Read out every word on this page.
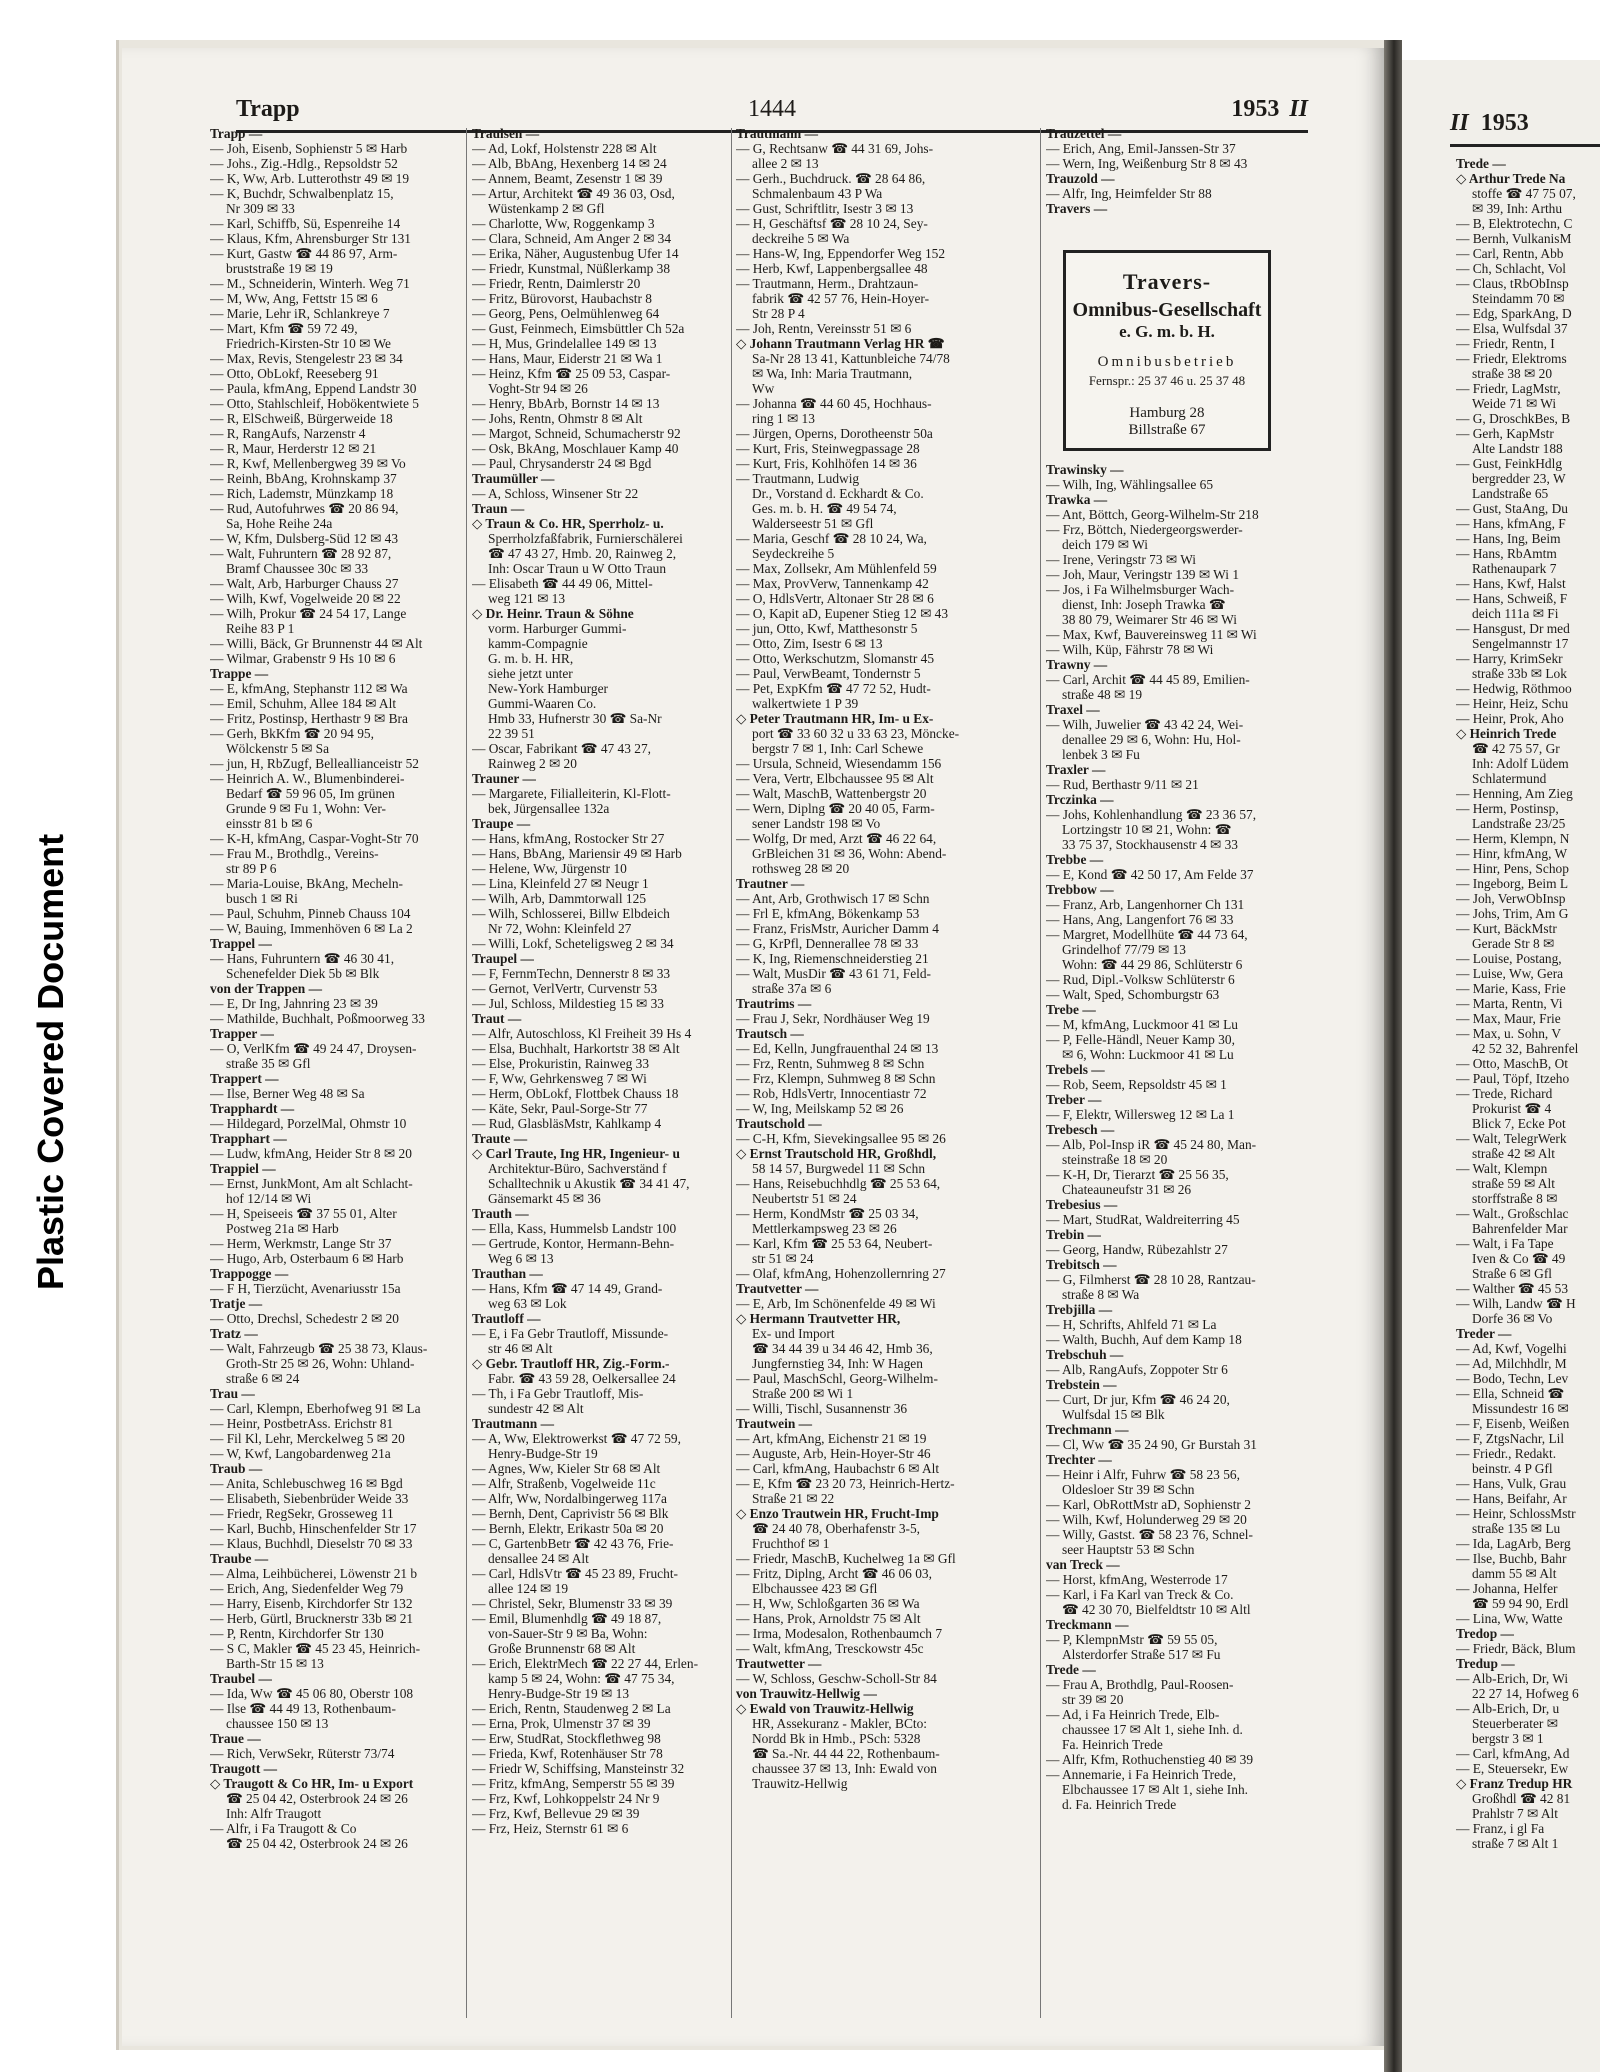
Plastic Covered Document
II 1953
Trede —
◇ Arthur Trede Na
stoffe ☎ 47 75 07,
✉ 39, Inh: Arthu
— B, Elektrotechn, C
— Bernh, VulkanisM
— Carl, Rentn, Abb
— Ch, Schlacht, Vol
— Claus, tRbObInsp
Steindamm 70 ✉
— Edg, SparkAng, D
— Elsa, Wulfsdal 37
— Friedr, Rentn, I
— Friedr, Elektroms
straße 38 ✉ 20
— Friedr, LagMstr,
Weide 71 ✉ Wi
— G, DroschkBes, B
— Gerh, KapMstr
Alte Landstr 188
— Gust, FeinkHdlg
bergredder 23, W
Landstraße 65
— Gust, StaAng, Du
— Hans, kfmAng, F
— Hans, Ing, Beim
— Hans, RbAmtm
Rathenaupark 7
— Hans, Kwf, Halst
— Hans, Schweiß, F
deich 111a ✉ Fi
— Hansgust, Dr med
Sengelmannstr 17
— Harry, KrimSekr
straße 33b ✉ Lok
— Hedwig, Röthmoo
— Heinr, Heiz, Schu
— Heinr, Prok, Aho
◇ Heinrich Trede
☎ 42 75 57, Gr
Inh: Adolf Lüdem
Schlatermund
— Henning, Am Zieg
— Herm, Postinsp,
Landstraße 23/25
— Herm, Klempn, N
— Hinr, kfmAng, W
— Hinr, Pens, Schop
— Ingeborg, Beim L
— Joh, VerwObInsp
— Johs, Trim, Am G
— Kurt, BäckMstr
Gerade Str 8 ✉
— Louise, Postang,
— Luise, Ww, Gera
— Marie, Kass, Frie
— Marta, Rentn, Vi
— Max, Maur, Frie
— Max, u. Sohn, V
42 52 32, Bahrenfel
— Otto, MaschB, Ot
— Paul, Töpf, Itzeho
— Trede, Richard
Prokurist ☎ 4
Blick 7, Ecke Pot
— Walt, TelegrWerk
straße 42 ✉ Alt
— Walt, Klempn
straße 59 ✉ Alt
storffstraße 8 ✉
— Walt., Großschlac
Bahrenfelder Mar
— Walt, i Fa Tape
Iven & Co ☎ 49
Straße 6 ✉ Gfl
— Walther ☎ 45 53
— Wilh, Landw ☎ H
Dorfe 36 ✉ Vo
Treder —
— Ad, Kwf, Vogelhi
— Ad, Milchhdlr, M
— Bodo, Techn, Lev
— Ella, Schneid ☎
Missundestr 16 ✉
— F, Eisenb, Weißen
— F, ZtgsNachr, Lil
— Friedr., Redakt.
beinstr. 4 P Gfl
— Hans, Vulk, Grau
— Hans, Beifahr, Ar
— Heinr, SchlossMstr
straße 135 ✉ Lu
— Ida, LagArb, Berg
— Ilse, Buchb, Bahr
damm 55 ✉ Alt
— Johanna, Helfer
☎ 59 94 90, Erdl
— Lina, Ww, Watte
Tredop —
— Friedr, Bäck, Blum
Tredup —
— Alb-Erich, Dr, Wi
22 27 14, Hofweg 6
— Alb-Erich, Dr, u
Steuerberater ✉
bergstr 3 ✉ 1
— Carl, kfmAng, Ad
— E, Steuersekr, Ew
◇ Franz Tredup HR
Großhdl ☎ 42 81
Prahlstr 7 ✉ Alt
— Franz, i gl Fa
straße 7 ✉ Alt 1
Trapp	1444	1953 II
Trapp —
— Joh, Eisenb, Sophienstr 5 ✉ Harb
— Johs., Zig.-Hdlg., Repsoldstr 52
— K, Ww, Arb. Lutterothstr 49 ✉ 19
— K, Buchdr, Schwalbenplatz 15,
Nr 309 ✉ 33
— Karl, Schiffb, Sü, Espenreihe 14
— Klaus, Kfm, Ahrensburger Str 131
— Kurt, Gastw ☎ 44 86 97, Arm-
bruststraße 19 ✉ 19
— M., Schneiderin, Winterh. Weg 71
— M, Ww, Ang, Fettstr 15 ✉ 6
— Marie, Lehr iR, Schlankreye 7
— Mart, Kfm ☎ 59 72 49,
Friedrich-Kirsten-Str 10 ✉ We
— Max, Revis, Stengelestr 23 ✉ 34
— Otto, ObLokf, Reeseberg 91
— Paula, kfmAng, Eppend Landstr 30
— Otto, Stahlschleif, Hobökentwiete 5
— R, ElSchweiß, Bürgerweide 18
— R, RangAufs, Narzenstr 4
— R, Maur, Herderstr 12 ✉ 21
— R, Kwf, Mellenbergweg 39 ✉ Vo
— Reinh, BbAng, Krohnskamp 37
— Rich, Lademstr, Münzkamp 18
— Rud, Autofuhrwes ☎ 20 86 94,
Sa, Hohe Reihe 24a
— W, Kfm, Dulsberg-Süd 12 ✉ 43
— Walt, Fuhruntern ☎ 28 92 87,
Bramf Chaussee 30c ✉ 33
— Walt, Arb, Harburger Chauss 27
— Wilh, Kwf, Vogelweide 20 ✉ 22
— Wilh, Prokur ☎ 24 54 17, Lange
Reihe 83 P 1
— Willi, Bäck, Gr Brunnenstr 44 ✉ Alt
— Wilmar, Grabenstr 9 Hs 10 ✉ 6
Trappe —
— E, kfmAng, Stephanstr 112 ✉ Wa
— Emil, Schuhm, Allee 184 ✉ Alt
— Fritz, Postinsp, Herthastr 9 ✉ Bra
— Gerh, BkKfm ☎ 20 94 95,
Wölckenstr 5 ✉ Sa
— jun, H, RbZugf, Belleallianceistr 52
— Heinrich A. W., Blumenbinderei-
Bedarf ☎ 59 96 05, Im grünen
Grunde 9 ✉ Fu 1, Wohn: Ver-
einsstr 81 b ✉ 6
— K-H, kfmAng, Caspar-Voght-Str 70
— Frau M., Brothdlg., Vereins-
str 89 P 6
— Maria-Louise, BkAng, Mecheln-
busch 1 ✉ Ri
— Paul, Schuhm, Pinneb Chauss 104
— W, Bauing, Immenhöven 6 ✉ La 2
Trappel —
— Hans, Fuhruntern ☎ 46 30 41,
Schenefelder Diek 5b ✉ Blk
von der Trappen —
— E, Dr Ing, Jahnring 23 ✉ 39
— Mathilde, Buchhalt, Poßmoorweg 33
Trapper —
— O, VerlKfm ☎ 49 24 47, Droysen-
straße 35 ✉ Gfl
Trappert —
— Ilse, Berner Weg 48 ✉ Sa
Trapphardt —
— Hildegard, PorzelMal, Ohmstr 10
Trapphart —
— Ludw, kfmAng, Heider Str 8 ✉ 20
Trappiel —
— Ernst, JunkMont, Am alt Schlacht-
hof 12/14 ✉ Wi
— H, Speiseeis ☎ 37 55 01, Alter
Postweg 21a ✉ Harb
— Herm, Werkmstr, Lange Str 37
— Hugo, Arb, Osterbaum 6 ✉ Harb
Trappogge —
— F H, Tierzücht, Avenariusstr 15a
Tratje —
— Otto, Drechsl, Schedestr 2 ✉ 20
Tratz —
— Walt, Fahrzeugb ☎ 25 38 73, Klaus-
Groth-Str 25 ✉ 26, Wohn: Uhland-
straße 6 ✉ 24
Trau —
— Carl, Klempn, Eberhofweg 91 ✉ La
— Heinr, PostbetrAss. Erichstr 81
— Fil Kl, Lehr, Merckelweg 5 ✉ 20
— W, Kwf, Langobardenweg 21a
Traub —
— Anita, Schlebuschweg 16 ✉ Bgd
— Elisabeth, Siebenbrüder Weide 33
— Friedr, RegSekr, Grosseweg 11
— Karl, Buchb, Hinschenfelder Str 17
— Klaus, Buchhdl, Dieselstr 70 ✉ 33
Traube —
— Alma, Leihbücherei, Löwenstr 21 b
— Erich, Ang, Siedenfelder Weg 79
— Harry, Eisenb, Kirchdorfer Str 132
— Herb, Gürtl, Brucknerstr 33b ✉ 21
— P, Rentn, Kirchdorfer Str 130
— S C, Makler ☎ 45 23 45, Heinrich-
Barth-Str 15 ✉ 13
Traubel —
— Ida, Ww ☎ 45 06 80, Oberstr 108
— Ilse ☎ 44 49 13, Rothenbaum-
chaussee 150 ✉ 13
Traue —
— Rich, VerwSekr, Rüterstr 73/74
Traugott —
◇ Traugott & Co HR, Im- u Export
☎ 25 04 42, Osterbrook 24 ✉ 26
Inh: Alfr Traugott
— Alfr, i Fa Traugott & Co
☎ 25 04 42, Osterbrook 24 ✉ 26
Traulsen —
— Ad, Lokf, Holstenstr 228 ✉ Alt
— Alb, BbAng, Hexenberg 14 ✉ 24
— Annem, Beamt, Zesenstr 1 ✉ 39
— Artur, Architekt ☎ 49 36 03, Osd,
Wüstenkamp 2 ✉ Gfl
— Charlotte, Ww, Roggenkamp 3
— Clara, Schneid, Am Anger 2 ✉ 34
— Erika, Näher, Augustenbug Ufer 14
— Friedr, Kunstmal, Nüßlerkamp 38
— Friedr, Rentn, Daimlerstr 20
— Fritz, Bürovorst, Haubachstr 8
— Georg, Pens, Oelmühlenweg 64
— Gust, Feinmech, Eimsbüttler Ch 52a
— H, Mus, Grindelallee 149 ✉ 13
— Hans, Maur, Eiderstr 21 ✉ Wa 1
— Heinz, Kfm ☎ 25 09 53, Caspar-
Voght-Str 94 ✉ 26
— Henry, BbArb, Bornstr 14 ✉ 13
— Johs, Rentn, Ohmstr 8 ✉ Alt
— Margot, Schneid, Schumacherstr 92
— Osk, BkAng, Moschlauer Kamp 40
— Paul, Chrysanderstr 24 ✉ Bgd
Traumüller —
— A, Schloss, Winsener Str 22
Traun —
◇ Traun & Co. HR, Sperrholz- u.
Sperrholzfaßfabrik, Furnierschälerei
☎ 47 43 27, Hmb. 20, Rainweg 2,
Inh: Oscar Traun u W Otto Traun
— Elisabeth ☎ 44 49 06, Mittel-
weg 121 ✉ 13
◇ Dr. Heinr. Traun & Söhne
vorm. Harburger Gummi-
kamm-Compagnie
G. m. b. H. HR,
siehe jetzt unter
New-York Hamburger
Gummi-Waaren Co.
Hmb 33, Hufnerstr 30 ☎ Sa-Nr
22 39 51
— Oscar, Fabrikant ☎ 47 43 27,
Rainweg 2 ✉ 20
Trauner —
— Margarete, Filialleiterin, Kl-Flott-
bek, Jürgensallee 132a
Traupe —
— Hans, kfmAng, Rostocker Str 27
— Hans, BbAng, Mariensir 49 ✉ Harb
— Helene, Ww, Jürgenstr 10
— Lina, Kleinfeld 27 ✉ Neugr 1
— Wilh, Arb, Dammtorwall 125
— Wilh, Schlosserei, Billw Elbdeich
Nr 72, Wohn: Kleinfeld 27
— Willi, Lokf, Scheteligsweg 2 ✉ 34
Traupel —
— F, FernmTechn, Dennerstr 8 ✉ 33
— Gernot, VerlVertr, Curvenstr 53
— Jul, Schloss, Mildestieg 15 ✉ 33
Traut —
— Alfr, Autoschloss, Kl Freiheit 39 Hs 4
— Elsa, Buchhalt, Harkortstr 38 ✉ Alt
— Else, Prokuristin, Rainweg 33
— F, Ww, Gehrkensweg 7 ✉ Wi
— Herm, ObLokf, Flottbek Chauss 18
— Käte, Sekr, Paul-Sorge-Str 77
— Rud, GlasbläsMstr, Kahlkamp 4
Traute —
◇ Carl Traute, Ing HR, Ingenieur- u
Architektur-Büro, Sachverständ f
Schalltechnik u Akustik ☎ 34 41 47,
Gänsemarkt 45 ✉ 36
Trauth —
— Ella, Kass, Hummelsb Landstr 100
— Gertrude, Kontor, Hermann-Behn-
Weg 6 ✉ 13
Trauthan —
— Hans, Kfm ☎ 47 14 49, Grand-
weg 63 ✉ Lok
Trautloff —
— E, i Fa Gebr Trautloff, Missunde-
str 46 ✉ Alt
◇ Gebr. Trautloff HR, Zig.-Form.-
Fabr. ☎ 43 59 28, Oelkersallee 24
— Th, i Fa Gebr Trautloff, Mis-
sundestr 42 ✉ Alt
Trautmann —
— A, Ww, Elektrowerkst ☎ 47 72 59,
Henry-Budge-Str 19
— Agnes, Ww, Kieler Str 68 ✉ Alt
— Alfr, Straßenb, Vogelweide 11c
— Alfr, Ww, Nordalbingerweg 117a
— Bernh, Dent, Caprivistr 56 ✉ Blk
— Bernh, Elektr, Erikastr 50a ✉ 20
— C, GartenbBetr ☎ 42 43 76, Frie-
densallee 24 ✉ Alt
— Carl, HdlsVtr ☎ 45 23 89, Frucht-
allee 124 ✉ 19
— Christel, Sekr, Blumenstr 33 ✉ 39
— Emil, Blumenhdlg ☎ 49 18 87,
von-Sauer-Str 9 ✉ Ba, Wohn:
Große Brunnenstr 68 ✉ Alt
— Erich, ElektrMech ☎ 22 27 44, Erlen-
kamp 5 ✉ 24, Wohn: ☎ 47 75 34,
Henry-Budge-Str 19 ✉ 13
— Erich, Rentn, Staudenweg 2 ✉ La
— Erna, Prok, Ulmenstr 37 ✉ 39
— Erw, StudRat, Stockflethweg 98
— Frieda, Kwf, Rotenhäuser Str 78
— Friedr W, Schiffsing, Mansteinstr 32
— Fritz, kfmAng, Semperstr 55 ✉ 39
— Frz, Kwf, Lohkoppelstr 24 Nr 9
— Frz, Kwf, Bellevue 29 ✉ 39
— Frz, Heiz, Sternstr 61 ✉ 6
Trautmann —
— G, Rechtsanw ☎ 44 31 69, Johs-
allee 2 ✉ 13
— Gerh., Buchdruck. ☎ 28 64 86,
Schmalenbaum 43 P Wa
— Gust, Schriftlitr, Isestr 3 ✉ 13
— H, Geschäftsf ☎ 28 10 24, Sey-
deckreihe 5 ✉ Wa
— Hans-W, Ing, Eppendorfer Weg 152
— Herb, Kwf, Lappenbergsallee 48
— Trautmann, Herm., Drahtzaun-
fabrik ☎ 42 57 76, Hein-Hoyer-
Str 28 P 4
— Joh, Rentn, Vereinsstr 51 ✉ 6
◇ Johann Trautmann Verlag HR ☎
Sa-Nr 28 13 41, Kattunbleiche 74/78
✉ Wa, Inh: Maria Trautmann,
Ww
— Johanna ☎ 44 60 45, Hochhaus-
ring 1 ✉ 13
— Jürgen, Operns, Dorotheenstr 50a
— Kurt, Fris, Steinwegpassage 28
— Kurt, Fris, Kohlhöfen 14 ✉ 36
— Trautmann, Ludwig
Dr., Vorstand d. Eckhardt & Co.
Ges. m. b. H. ☎ 49 54 74,
Walderseestr 51 ✉ Gfl
— Maria, Geschf ☎ 28 10 24, Wa,
Seydeckreihe 5
— Max, Zollsekr, Am Mühlenfeld 59
— Max, ProvVerw, Tannenkamp 42
— O, HdlsVertr, Altonaer Str 28 ✉ 6
— O, Kapit aD, Eupener Stieg 12 ✉ 43
— jun, Otto, Kwf, Matthesonstr 5
— Otto, Zim, Isestr 6 ✉ 13
— Otto, Werkschutzm, Slomanstr 45
— Paul, VerwBeamt, Tondernstr 5
— Pet, ExpKfm ☎ 47 72 52, Hudt-
walkertwiete 1 P 39
◇ Peter Trautmann HR, Im- u Ex-
port ☎ 33 60 32 u 33 63 23, Möncke-
bergstr 7 ✉ 1, Inh: Carl Schewe
— Ursula, Schneid, Wiesendamm 156
— Vera, Vertr, Elbchaussee 95 ✉ Alt
— Walt, MaschB, Wattenbergstr 20
— Wern, Diplng ☎ 20 40 05, Farm-
sener Landstr 198 ✉ Vo
— Wolfg, Dr med, Arzt ☎ 46 22 64,
GrBleichen 31 ✉ 36, Wohn: Abend-
rothsweg 28 ✉ 20
Trautner —
— Ant, Arb, Grothwisch 17 ✉ Schn
— Frl E, kfmAng, Bökenkamp 53
— Franz, FrisMstr, Auricher Damm 4
— G, KrPfl, Dennerallee 78 ✉ 33
— K, Ing, Riemenschneiderstieg 21
— Walt, MusDir ☎ 43 61 71, Feld-
straße 37a ✉ 6
Trautrims —
— Frau J, Sekr, Nordhäuser Weg 19
Trautsch —
— Ed, Kelln, Jungfrauenthal 24 ✉ 13
— Frz, Rentn, Suhmweg 8 ✉ Schn
— Frz, Klempn, Suhmweg 8 ✉ Schn
— Rob, HdlsVertr, Innocentiastr 72
— W, Ing, Meilskamp 52 ✉ 26
Trautschold —
— C-H, Kfm, Sievekingsallee 95 ✉ 26
◇ Ernst Trautschold HR, Großhdl,
58 14 57, Burgwedel 11 ✉ Schn
— Hans, Reisebuchhdlg ☎ 25 53 64,
Neubertstr 51 ✉ 24
— Herm, KondMstr ☎ 25 03 34,
Mettlerkampsweg 23 ✉ 26
— Karl, Kfm ☎ 25 53 64, Neubert-
str 51 ✉ 24
— Olaf, kfmAng, Hohenzollernring 27
Trautvetter —
— E, Arb, Im Schönenfelde 49 ✉ Wi
◇ Hermann Trautvetter HR,
Ex- und Import
☎ 34 44 39 u 34 46 42, Hmb 36,
Jungfernstieg 34, Inh: W Hagen
— Paul, MaschSchl, Georg-Wilhelm-
Straße 200 ✉ Wi 1
— Willi, Tischl, Susannenstr 36
Trautwein —
— Art, kfmAng, Eichenstr 21 ✉ 19
— Auguste, Arb, Hein-Hoyer-Str 46
— Carl, kfmAng, Haubachstr 6 ✉ Alt
— E, Kfm ☎ 23 20 73, Heinrich-Hertz-
Straße 21 ✉ 22
◇ Enzo Trautwein HR, Frucht-Imp
☎ 24 40 78, Oberhafenstr 3-5,
Fruchthof ✉ 1
— Friedr, MaschB, Kuchelweg 1a ✉ Gfl
— Fritz, Diplng, Archt ☎ 46 06 03,
Elbchaussee 423 ✉ Gfl
— H, Ww, Schloßgarten 36 ✉ Wa
— Hans, Prok, Arnoldstr 75 ✉ Alt
— Irma, Modesalon, Rothenbaumch 7
— Walt, kfmAng, Tresckowstr 45c
Trautwetter —
— W, Schloss, Geschw-Scholl-Str 84
von Trauwitz-Hellwig —
◇ Ewald von Trauwitz-Hellwig
HR, Assekuranz - Makler, BCto:
Nordd Bk in Hmb., PSch: 5328
☎ Sa.-Nr. 44 44 22, Rothenbaum-
chaussee 37 ✉ 13, Inh: Ewald von
Trauwitz-Hellwig
Trauzettel —
— Erich, Ang, Emil-Janssen-Str 37
— Wern, Ing, Weißenburg Str 8 ✉ 43
Trauzold —
— Alfr, Ing, Heimfelder Str 88
Travers —
Trawinsky —
— Wilh, Ing, Wählingsallee 65
Trawka —
— Ant, Böttch, Georg-Wilhelm-Str 218
— Frz, Böttch, Niedergeorgswerder-
deich 179 ✉ Wi
— Irene, Veringstr 73 ✉ Wi
— Joh, Maur, Veringstr 139 ✉ Wi 1
— Jos, i Fa Wilhelmsburger Wach-
dienst, Inh: Joseph Trawka ☎
38 80 79, Weimarer Str 46 ✉ Wi
— Max, Kwf, Bauvereinsweg 11 ✉ Wi
— Wilh, Küp, Fährstr 78 ✉ Wi
Trawny —
— Carl, Archit ☎ 44 45 89, Emilien-
straße 48 ✉ 19
Traxel —
— Wilh, Juwelier ☎ 43 42 24, Wei-
denallee 29 ✉ 6, Wohn: Hu, Hol-
lenbek 3 ✉ Fu
Traxler —
— Rud, Berthastr 9/11 ✉ 21
Trczinka —
— Johs, Kohlenhandlung ☎ 23 36 57,
Lortzingstr 10 ✉ 21, Wohn: ☎
33 75 37, Stockhausenstr 4 ✉ 33
Trebbe —
— E, Kond ☎ 42 50 17, Am Felde 37
Trebbow —
— Franz, Arb, Langenhorner Ch 131
— Hans, Ang, Langenfort 76 ✉ 33
— Margret, Modellhüte ☎ 44 73 64,
Grindelhof 77/79 ✉ 13
Wohn: ☎ 44 29 86, Schlüterstr 6
— Rud, Dipl.-Volksw Schlüterstr 6
— Walt, Sped, Schomburgstr 63
Trebe —
— M, kfmAng, Luckmoor 41 ✉ Lu
— P, Felle-Händl, Neuer Kamp 30,
✉ 6, Wohn: Luckmoor 41 ✉ Lu
Trebels —
— Rob, Seem, Repsoldstr 45 ✉ 1
Treber —
— F, Elektr, Willersweg 12 ✉ La 1
Trebesch —
— Alb, Pol-Insp iR ☎ 45 24 80, Man-
steinstraße 18 ✉ 20
— K-H, Dr, Tierarzt ☎ 25 56 35,
Chateauneufstr 31 ✉ 26
Trebesius —
— Mart, StudRat, Waldreiterring 45
Trebin —
— Georg, Handw, Rübezahlstr 27
Trebitsch —
— G, Filmherst ☎ 28 10 28, Rantzau-
straße 8 ✉ Wa
Trebjilla —
— H, Schrifts, Ahlfeld 71 ✉ La
— Walth, Buchh, Auf dem Kamp 18
Trebschuh —
— Alb, RangAufs, Zoppoter Str 6
Trebstein —
— Curt, Dr jur, Kfm ☎ 46 24 20,
Wulfsdal 15 ✉ Blk
Trechmann —
— Cl, Ww ☎ 35 24 90, Gr Burstah 31
Trechter —
— Heinr i Alfr, Fuhrw ☎ 58 23 56,
Oldesloer Str 39 ✉ Schn
— Karl, ObRottMstr aD, Sophienstr 2
— Wilh, Kwf, Holunderweg 29 ✉ 20
— Willy, Gastst. ☎ 58 23 76, Schnel-
seer Hauptstr 53 ✉ Schn
van Treck —
— Horst, kfmAng, Westerrode 17
— Karl, i Fa Karl van Treck & Co.
☎ 42 30 70, Bielfeldtstr 10 ✉ Altl
Treckmann —
— P, KlempnMstr ☎ 59 55 05,
Alsterdorfer Straße 517 ✉ Fu
Trede —
— Frau A, Brothdlg, Paul-Roosen-
str 39 ✉ 20
— Ad, i Fa Heinrich Trede, Elb-
chaussee 17 ✉ Alt 1, siehe Inh. d.
Fa. Heinrich Trede
— Alfr, Kfm, Rothuchenstieg 40 ✉ 39
— Annemarie, i Fa Heinrich Trede,
Elbchaussee 17 ✉ Alt 1, siehe Inh.
d. Fa. Heinrich Trede
Travers-
Omnibus-Gesellschaft
e. G. m. b. H.
Omnibusbetrieb
Fernspr.: 25 37 46 u. 25 37 48
Hamburg 28
Billstraße 67
